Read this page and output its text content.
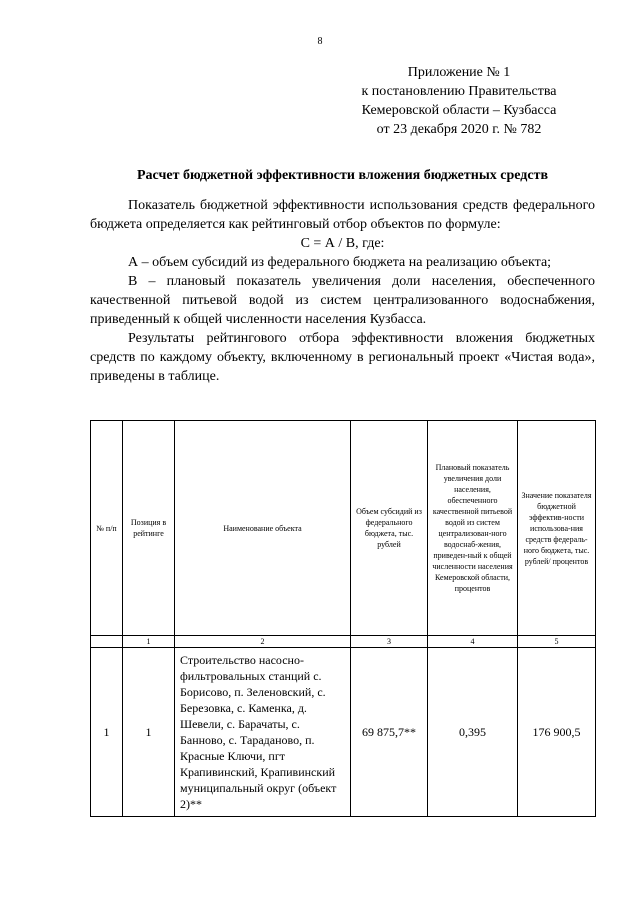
8
Приложение № 1
к постановлению Правительства
Кемеровской области – Кузбасса
от 23 декабря 2020 г. № 782
Расчет бюджетной эффективности вложения бюджетных средств

Показатель бюджетной эффективности использования средств федерального бюджета определяется как рейтинговый отбор объектов по формуле:

С = А / В, где:

А – объем субсидий из федерального бюджета на реализацию объекта;

В – плановый показатель увеличения доли населения, обеспеченного качественной питьевой водой из систем централизованного водоснабжения, приведенный к общей численности населения Кузбасса.

Результаты рейтингового отбора эффективности вложения бюджетных средств по каждому объекту, включенному в региональный проект «Чистая вода», приведены в таблице.

№ п/п	Позиция в рейтинге	Наименование объекта	Объем субсидий из федерального бюджета, тыс. рублей	Плановый показатель увеличения доли населения, обеспеченного качественной питьевой водой из систем централизован-ного водоснаб-жения, приведен-ный к общей численности населения Кемеровской области, процентов	Значение показателя бюджетной эффектив-ности использова-ния средств федераль-ного бюджета, тыс. рублей/ процентов
	1	2	3	4	5
1	1	Строительство насосно-фильтровальных станций с. Борисово, п. Зеленовский, с. Березовка, с. Каменка, д. Шевели, с. Барачаты, с. Банново, с. Тараданово, п. Красные Ключи, пгт Крапивинский, Крапивинский муниципальный округ (объект 2)**	69 875,7**	0,395	176 900,5
